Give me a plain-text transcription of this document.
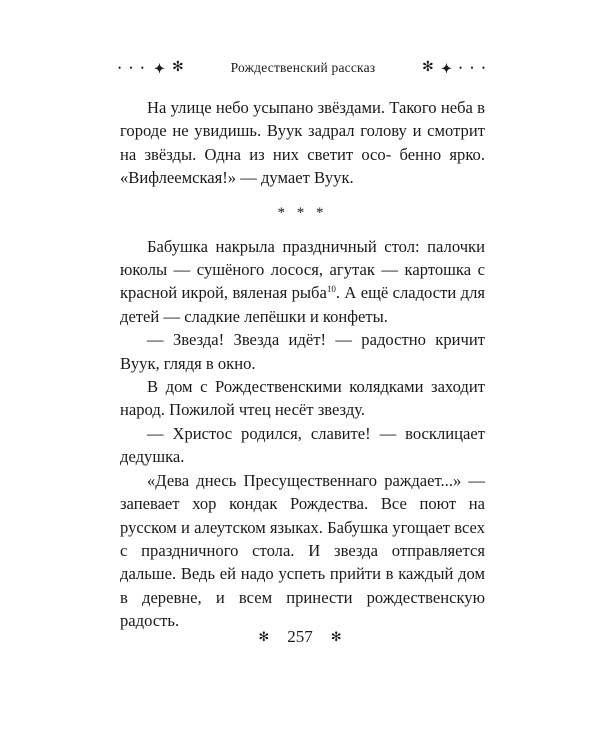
• • • ✦ ✻	Рождественский рассказ	✻ ✦ • • •

На улице небо усыпано звёздами. Такого неба в городе не увидишь. Вуук задрал голову и смотрит на звёзды. Одна из них светит осо- бенно ярко. «Вифлеемская!» — думает Вуук.

* * *

Бабушка накрыла праздничный стол: палочки юколы — сушёного лосося, агутак — картошка с красной икрой, вяленая рыба$^{10}$. А ещё сладости для детей — сладкие лепёшки и конфеты.

— Звезда! Звезда идёт! — радостно кричит Вуук, глядя в окно.

В дом с Рождественскими колядками заходит народ. Пожилой чтец несёт звезду.

— Христос родился, славите! — восклицает дедушка.

«Дева днесь Пресущественнаго раждает...» — запевает хор кондак Рождества. Все поют на русском и алеутском языках. Бабушка угощает всех с праздничного стола. И звезда отправляется дальше. Ведь ей надо успеть прийти в каждый дом в деревне, и всем принести рождественскую радость.

✻ 257 ✻
